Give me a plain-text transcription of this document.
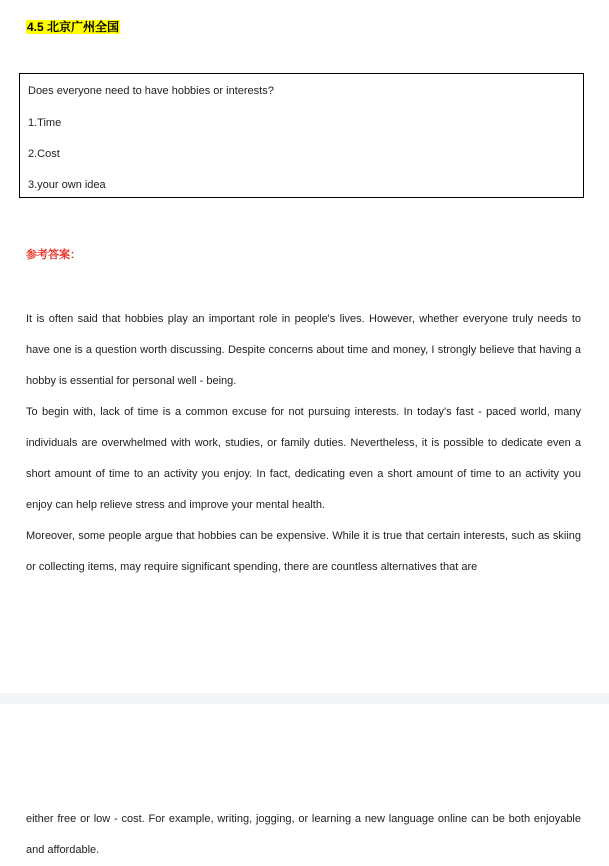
4.5 北京广州全国
Does everyone need to have hobbies or interests?
1.Time
2.Cost
3.your own idea
参考答案：

It is often said that hobbies play an important role in people's lives. However, whether everyone truly needs to have one is a question worth discussing. Despite concerns about time and money, I strongly believe that having a hobby is essential for personal well - being.

To begin with, lack of time is a common excuse for not pursuing interests. In today's fast - paced world, many individuals are overwhelmed with work, studies, or family duties. Nevertheless, it is possible to dedicate even a short amount of time to an activity you enjoy. In fact, dedicating even a short amount of time to an activity you enjoy can help relieve stress and improve your mental health.

Moreover, some people argue that hobbies can be expensive. While it is true that certain interests, such as skiing or collecting items, may require significant spending, there are countless alternatives that are

either free or low - cost. For example, writing, jogging, or learning a new language online can be both enjoyable and affordable.
